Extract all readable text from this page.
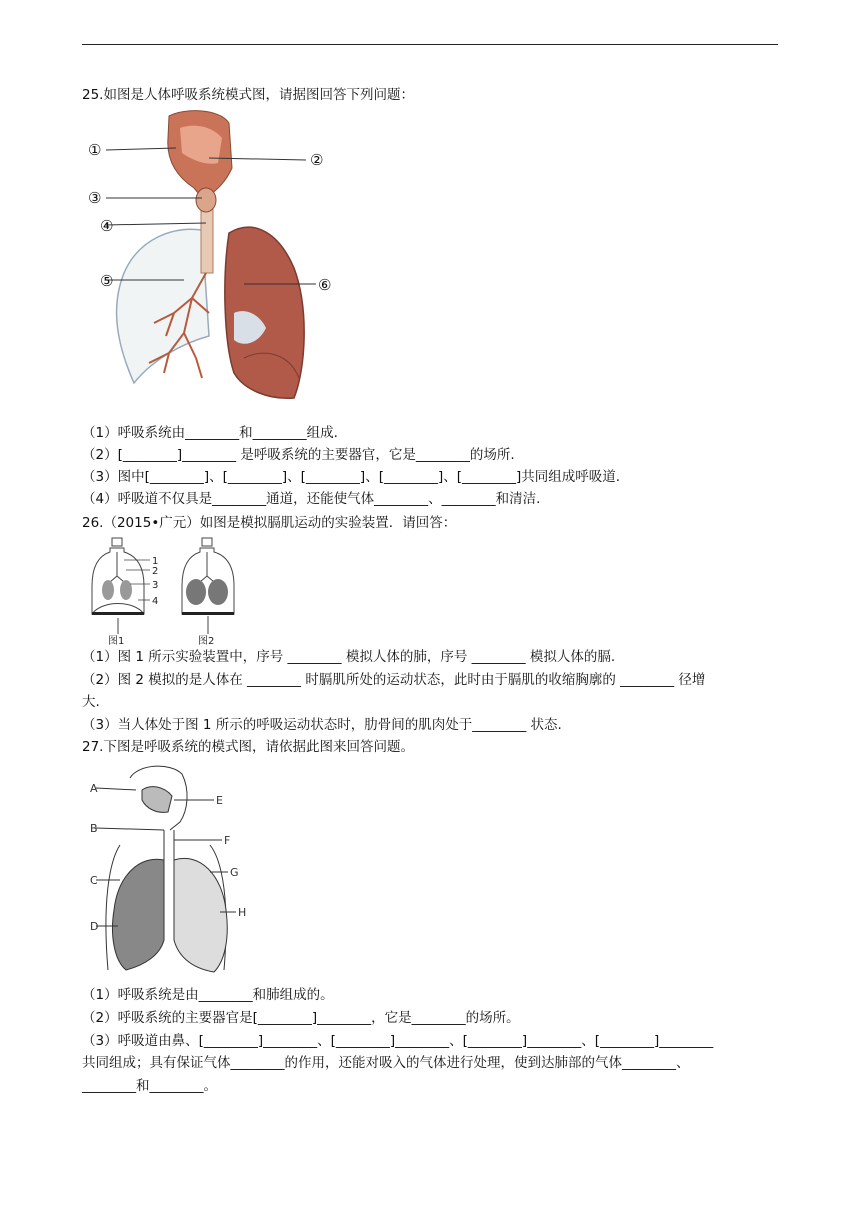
25.如图是人体呼吸系统模式图，请据图回答下列问题：
①
②
③
④
⑤	⑥
（1）呼吸系统由________和________组成.
（2）[________]________ 是呼吸系统的主要器官，它是________的场所.
（3）图中[________]、[________]、[________]、[________]、[________]共同组成呼吸道.
（4）呼吸道不仅具是________通道，还能使气体________、________和清洁.
26.（2015•广元）如图是模拟膈肌运动的实验装置．请回答：
1
2
3
4
图1	图2
（1）图 1 所示实验装置中，序号 ________ 模拟人体的肺，序号 ________ 模拟人体的膈.
（2）图 2 模拟的是人体在 ________ 时膈肌所处的运动状态，此时由于膈肌的收缩胸廓的 ________ 径增
大.
（3）当人体处于图 1 所示的呼吸运动状态时，肋骨间的肌肉处于________ 状态.
27.下图是呼吸系统的模式图，请依据此图来回答问题。
A
B
C
D
E
F
G
H
（1）呼吸系统是由________和肺组成的。
（2）呼吸系统的主要器官是[________]________，它是________的场所。
（3）呼吸道由鼻、[________]________、[________]________、[________]________、[________]________
共同组成；具有保证气体________的作用，还能对吸入的气体进行处理，使到达肺部的气体________、
________和________。
